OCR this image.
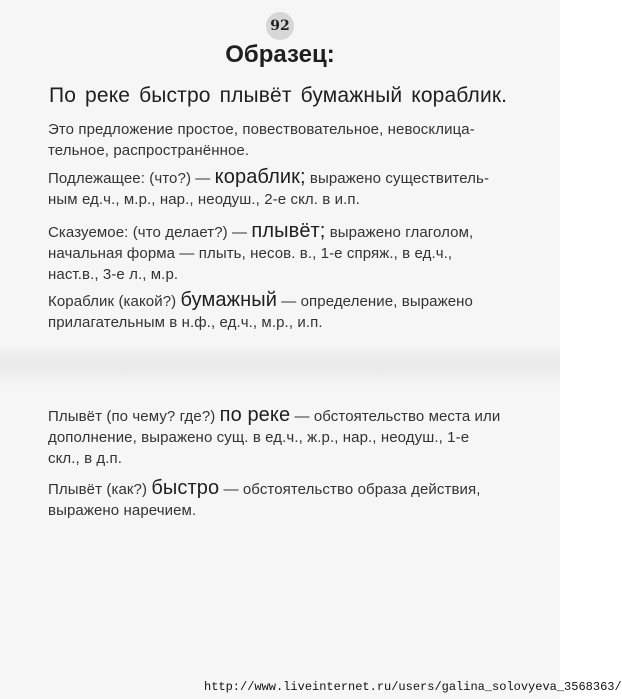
92
Образец:
По реке быстро плывёт бумажный кораблик.
Это предложение простое, повествовательное, невосклица-
тельное, распространённое.
Подлежащее: (что?) — кораблик; выражено существитель-
ным ед.ч., м.р., нар., неодуш., 2-е скл. в и.п.
Сказуемое: (что делает?) — плывёт; выражено глаголом,
начальная форма — плыть, несов. в., 1-е спряж., в ед.ч.,
наст.в., 3-е л., м.р.
Кораблик (какой?) бумажный — определение, выражено
прилагательным в н.ф., ед.ч., м.р., и.п.
Плывёт (по чему? где?) по реке — обстоятельство места или
дополнение, выражено сущ. в ед.ч., ж.р., нар., неодуш., 1-е
скл., в д.п.
Плывёт (как?) быстро — обстоятельство образа действия,
выражено наречием.
http://www.liveinternet.ru/users/galina_solovyeva_3568363/
